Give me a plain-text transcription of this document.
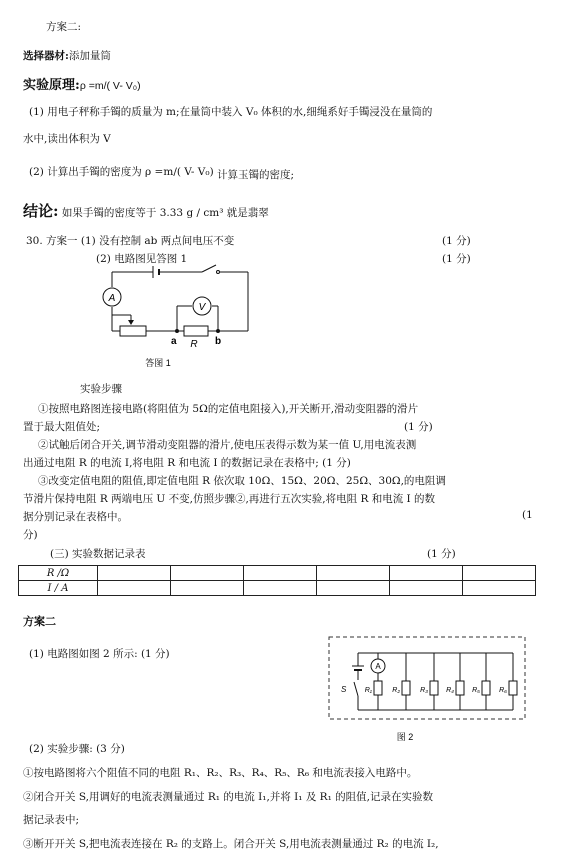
方案二:
选择器材:添加量筒
实验原理:ρ =m/( V- V₀)
(1) 用电子秤称手镯的质量为 m;在量筒中装入 V₀ 体积的水,细绳系好手镯浸没在量筒的
水中,读出体积为 V
(2) 计算出手镯的密度为 ρ =m/( V- V₀) 计算玉镯的密度;
结论: 如果手镯的密度等于 3.33 g / cm³ 就是翡翠
30. 方案一 (1) 没有控制 ab 两点间电压不变	(1 分)
(2) 电路图见答图 1	(1 分)
A
V
R
a	b
答图 1
实验步骤
①按照电路图连接电路(将阻值为 5Ω的定值电阻接入),开关断开,滑动变阻器的滑片
置于最大阻值处;	(1 分)
②试触后闭合开关,调节滑动变阻器的滑片,使电压表得示数为某一值 U,用电流表测
出通过电阻 R 的电流 I,将电阻 R 和电流 I 的数据记录在表格中; (1 分)
③改变定值电阻的阻值,即定值电阻 R 依次取 10Ω、15Ω、20Ω、25Ω、30Ω,的电阻调
节滑片保持电阻 R 两端电压 U 不变,仿照步骤②,再进行五次实验,将电阻 R 和电流 I 的数
据分别记录在表格中。	(1
分)
(三) 实验数据记录表	(1 分)
R /Ω						
I / A						
方案二
(1) 电路图如图 2 所示: (1 分)
A
S	R₁	R₂	R₃	R₄	R₅	R₆
图 2
(2) 实验步骤: (3 分)
①按电路图将六个阻值不同的电阻 R₁、R₂、R₃、R₄、R₅、R₆ 和电流表接入电路中。
②闭合开关 S,用调好的电流表测量通过 R₁ 的电流 I₁,并将 I₁ 及 R₁ 的阻值,记录在实验数
据记录表中;
③断开开关 S,把电流表连接在 R₂ 的支路上。闭合开关 S,用电流表测量通过 R₂ 的电流 I₂,
